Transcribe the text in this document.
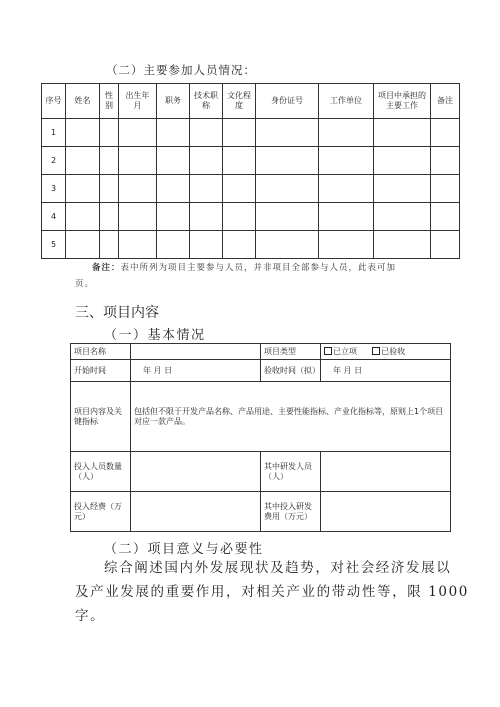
（二）主要参加人员情况：
序号	姓名	性别	出生年月	职务	技术职称	文化程度	身份证号	工作单位	项目中承担的主要工作	备注
1										
2										
3										
4										
5										
备注：表中所列为项目主要参与人员，并非项目全部参与人员，此表可加
页。
三、项目内容
（一）基本情况
项目名称		项目类型	已立项 已验收
开始时间	年 月 日	验收时间（拟）	年 月 日
项目内容及关键指标	包括但不限于开发产品名称、产品用途、主要性能指标、产业化指标等，原则上1个项目对应一款产品。		
投入人员数量（人）		其中研发人员（人）	
投入经费（万元）		其中投入研发费用（万元）	
（二）项目意义与必要性
综合阐述国内外发展现状及趋势，对社会经济发展以
及产业发展的重要作用，对相关产业的带动性等，限 1000
字。
